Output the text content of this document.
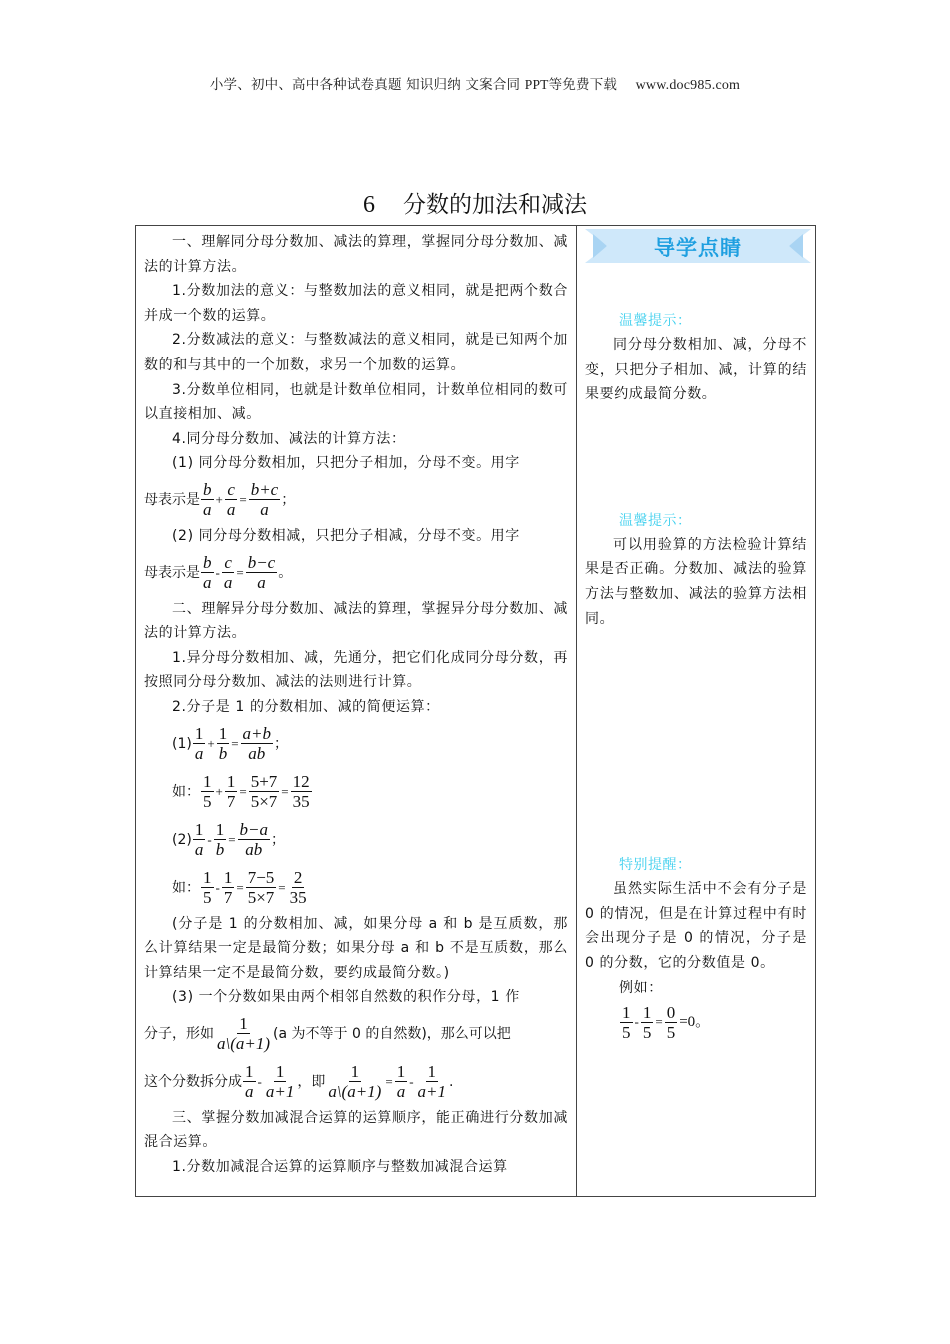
小学、初中、高中各种试卷真题 知识归纳 文案合同 PPT等免费下载 www.doc985.com
6 分数的加法和减法

一、理解同分母分数加、减法的算理，掌握同分母分数加、减法的计算方法。

1.分数加法的意义：与整数加法的意义相同，就是把两个数合并成一个数的运算。

2.分数减法的意义：与整数减法的意义相同，就是已知两个加数的和与其中的一个加数，求另一个加数的运算。

3.分数单位相同，也就是计数单位相同，计数单位相同的数可以直接相加、减。

4.同分母分数加、减法的计算方法：

(1) 同分母分数相加，只把分子相加，分母不变。用字

母表示是 $\frac{b}{a} + \frac{c}{a} = \frac{b+c}{a}$ ；

(2) 同分母分数相减，只把分子相减，分母不变。用字

母表示是 $\frac{b}{a} - \frac{c}{a} = \frac{b-c}{a}$ 。

二、理解异分母分数加、减法的算理，掌握异分母分数加、减法的计算方法。

1.异分母分数相加、减，先通分，把它们化成同分母分数，再按照同分母分数加、减法的法则进行计算。

2.分子是 1 的分数相加、减的简便运算：

$(1) \frac{1}{a} + \frac{1}{b} = \frac{a+b}{ab}$ ；
如： $\frac{1}{5} + \frac{1}{7} = \frac{5+7}{5\times 7} = \frac{12}{35}$
$(2) \frac{1}{a} - \frac{1}{b} = \frac{b-a}{ab}$ ；
如： $\frac{1}{5} - \frac{1}{7} = \frac{7-5}{5\times 7} = \frac{2}{35}$

(分子是 1 的分数相加、减，如果分母 a 和 b 是互质数，那么计算结果一定是最简分数；如果分母 a 和 b 不是互质数，那么计算结果一定不是最简分数，要约成最简分数。)

(3) 一个分数如果由两个相邻自然数的积作分母，1 作

分子，形如 $\frac{1}{a\backslash(a+1)} (a$ 为不等于 0 的自然数)，那么可以把
这个分数拆分成 $\frac{1}{a} - \frac{1}{a+1}$ ，即 $\frac{1}{a\backslash(a+1)} = \frac{1}{a} - \frac{1}{a+1}$ .

三、掌握分数加减混合运算的运算顺序，能正确进行分数加减混合运算。

1.分数加减混合运算的运算顺序与整数加减混合运算

导学点睛
温馨提示：

同分母分数相加、减，分母不变，只把分子相加、减，计算的结果要约成最简分数。

温馨提示：

可以用验算的方法检验计算结果是否正确。分数加、减法的验算方法与整数加、减法的验算方法相同。

特别提醒：

虽然实际生活中不会有分子是 0 的情况，但是在计算过程中有时会出现分子是 0 的情况，分子是 0 的分数，它的分数值是 0。

例如：
$\frac{1}{5} - \frac{1}{5} = \frac{0}{5} =0$。
